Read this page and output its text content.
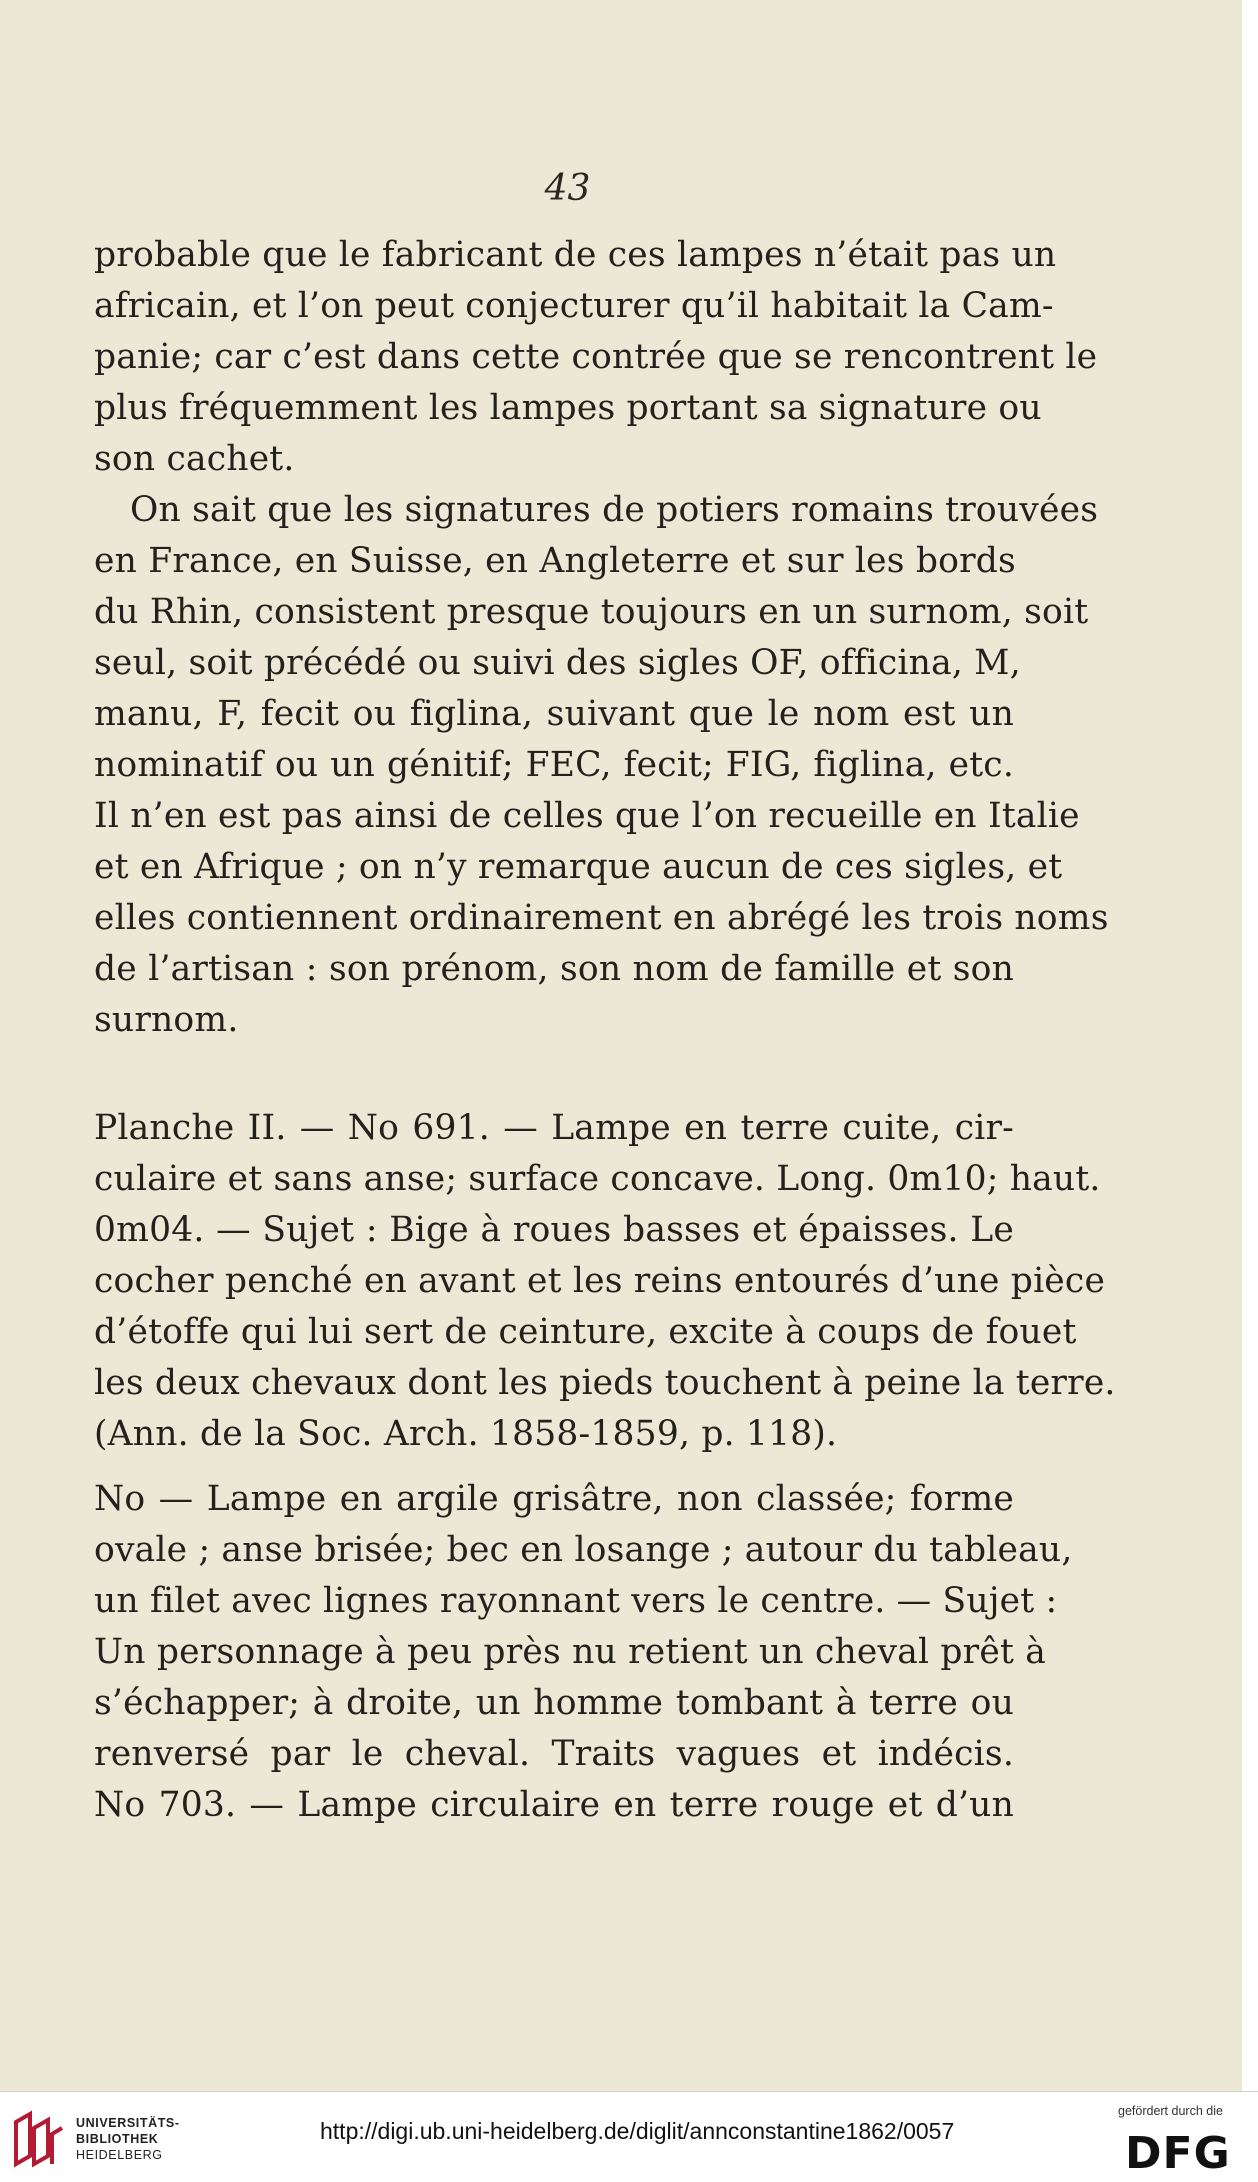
43
probable que le fabricant de ces lampes n’était pas un
africain, et l’on peut conjecturer qu’il habitait la Cam-
panie; car c’est dans cette contrée que se rencontrent le
plus fréquemment les lampes portant sa signature ou
son cachet.
On sait que les signatures de potiers romains trouvées
en France, en Suisse, en Angleterre et sur les bords
du Rhin, consistent presque toujours en un surnom, soit
seul, soit précédé ou suivi des sigles OF, officina, M,
manu, F, fecit ou figlina, suivant que le nom est un
nominatif ou un génitif; FEC, fecit; FIG, figlina, etc.
Il n’en est pas ainsi de celles que l’on recueille en Italie
et en Afrique ; on n’y remarque aucun de ces sigles, et
elles contiennent ordinairement en abrégé les trois noms
de l’artisan : son prénom, son nom de famille et son
surnom.
Planche II. — No 691. — Lampe en terre cuite, cir-
culaire et sans anse; surface concave. Long. 0m10; haut.
0m04. — Sujet : Bige à roues basses et épaisses. Le
cocher penché en avant et les reins entourés d’une pièce
d’étoffe qui lui sert de ceinture, excite à coups de fouet
les deux chevaux dont les pieds touchent à peine la terre.
(Ann. de la Soc. Arch. 1858-1859, p. 118).
No — Lampe en argile grisâtre, non classée; forme
ovale ; anse brisée; bec en losange ; autour du tableau,
un filet avec lignes rayonnant vers le centre. — Sujet :
Un personnage à peu près nu retient un cheval prêt à
s’échapper; à droite, un homme tombant à terre ou
renversé par le cheval. Traits vagues et indécis.
No 703. — Lampe circulaire en terre rouge et d’un
UNIVERSITÄTS-
BIBLIOTHEK
HEIDELBERG
http://digi.ub.uni-heidelberg.de/diglit/annconstantine1862/0057
gefördert durch die
DFG
